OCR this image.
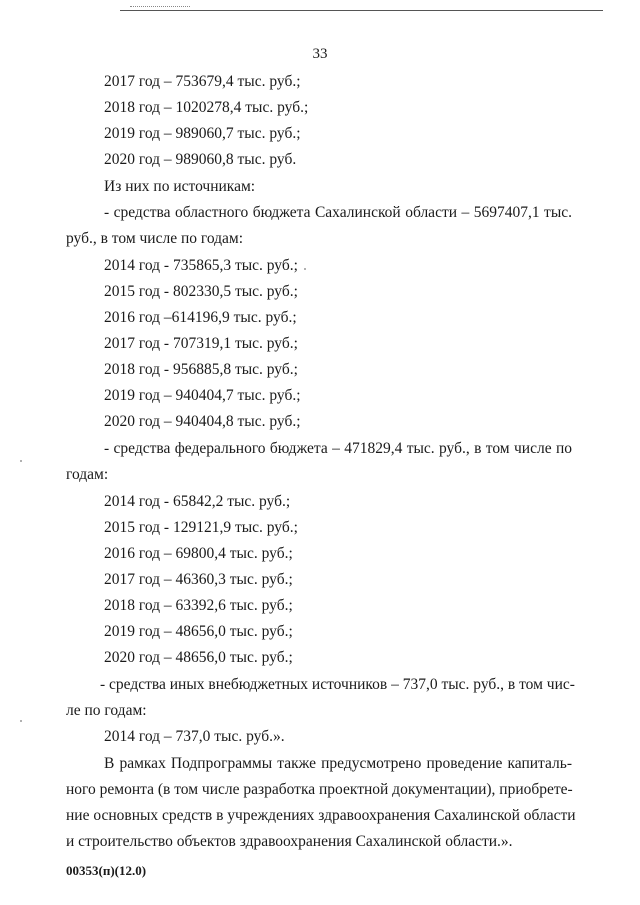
33
2017 год – 753679,4 тыс. руб.;
2018 год – 1020278,4 тыс. руб.;
2019 год – 989060,7 тыс. руб.;
2020 год – 989060,8 тыс. руб.
Из них по источникам:
- средства областного бюджета Сахалинской области – 5697407,1 тыс.
руб., в том числе по годам:
2014 год - 735865,3 тыс. руб.;
2015 год - 802330,5 тыс. руб.;
2016 год –614196,9 тыс. руб.;
2017 год - 707319,1 тыс. руб.;
2018 год - 956885,8 тыс. руб.;
2019 год – 940404,7 тыс. руб.;
2020 год – 940404,8 тыс. руб.;
- средства федерального бюджета – 471829,4 тыс. руб., в том числе по
годам:
2014 год - 65842,2 тыс. руб.;
2015 год - 129121,9 тыс. руб.;
2016 год – 69800,4 тыс. руб.;
2017 год – 46360,3 тыс. руб.;
2018 год – 63392,6 тыс. руб.;
2019 год – 48656,0 тыс. руб.;
2020 год – 48656,0 тыс. руб.;
- средства иных внебюджетных источников – 737,0 тыс. руб., в том чис-
ле по годам:
2014 год – 737,0 тыс. руб.».
В рамках Подпрограммы также предусмотрено проведение капиталь-
ного ремонта (в том числе разработка проектной документации), приобрете-
ние основных средств в учреждениях здравоохранения Сахалинской области
и строительство объектов здравоохранения Сахалинской области.».
00353(п)(12.0)
